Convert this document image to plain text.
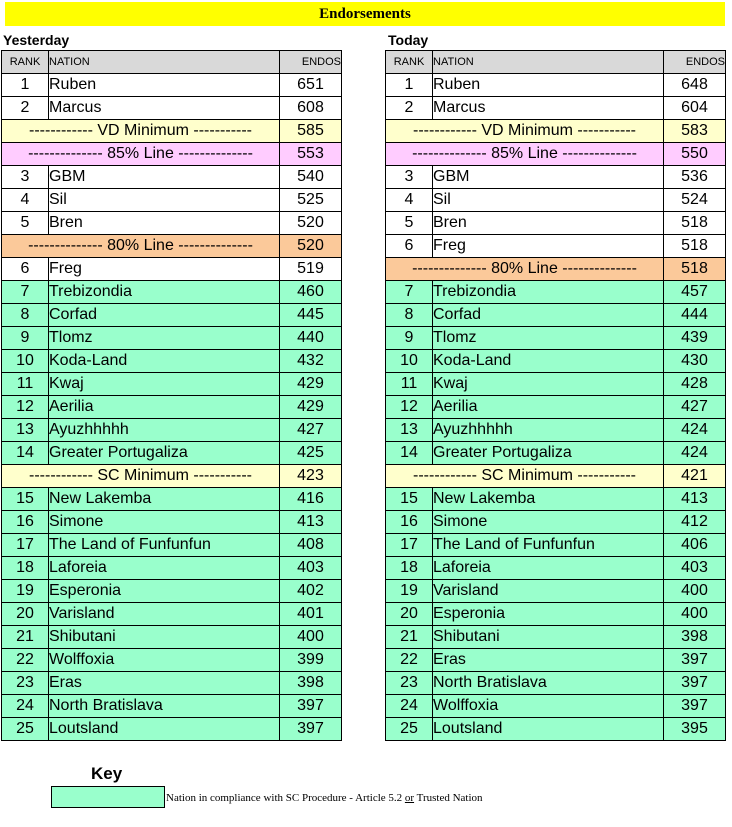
Endorsements
Yesterday	Today
RANK	NATION	ENDOS
1	Ruben	651
2	Marcus	608
------------ VD Minimum -----------		585
-------------- 85% Line --------------		553
3	GBM	540
4	Sil	525
5	Bren	520
-------------- 80% Line --------------		520
6	Freg	519
7	Trebizondia	460
8	Corfad	445
9	Tlomz	440
10	Koda-Land	432
11	Kwaj	429
12	Aerilia	429
13	Ayuzhhhhh	427
14	Greater Portugaliza	425
------------ SC Minimum -----------		423
15	New Lakemba	416
16	Simone	413
17	The Land of Funfunfun	408
18	Laforeia	403
19	Esperonia	402
20	Varisland	401
21	Shibutani	400
22	Wolffoxia	399
23	Eras	398
24	North Bratislava	397
25	Loutsland	397
RANK	NATION	ENDOS
1	Ruben	648
2	Marcus	604
------------ VD Minimum -----------		583
-------------- 85% Line --------------		550
3	GBM	536
4	Sil	524
5	Bren	518
6	Freg	518
-------------- 80% Line --------------		518
7	Trebizondia	457
8	Corfad	444
9	Tlomz	439
10	Koda-Land	430
11	Kwaj	428
12	Aerilia	427
13	Ayuzhhhhh	424
14	Greater Portugaliza	424
------------ SC Minimum -----------		421
15	New Lakemba	413
16	Simone	412
17	The Land of Funfunfun	406
18	Laforeia	403
19	Varisland	400
20	Esperonia	400
21	Shibutani	398
22	Eras	397
23	North Bratislava	397
24	Wolffoxia	397
25	Loutsland	395
Key
Nation in compliance with SC Procedure - Article 5.2 or Trusted Nation
